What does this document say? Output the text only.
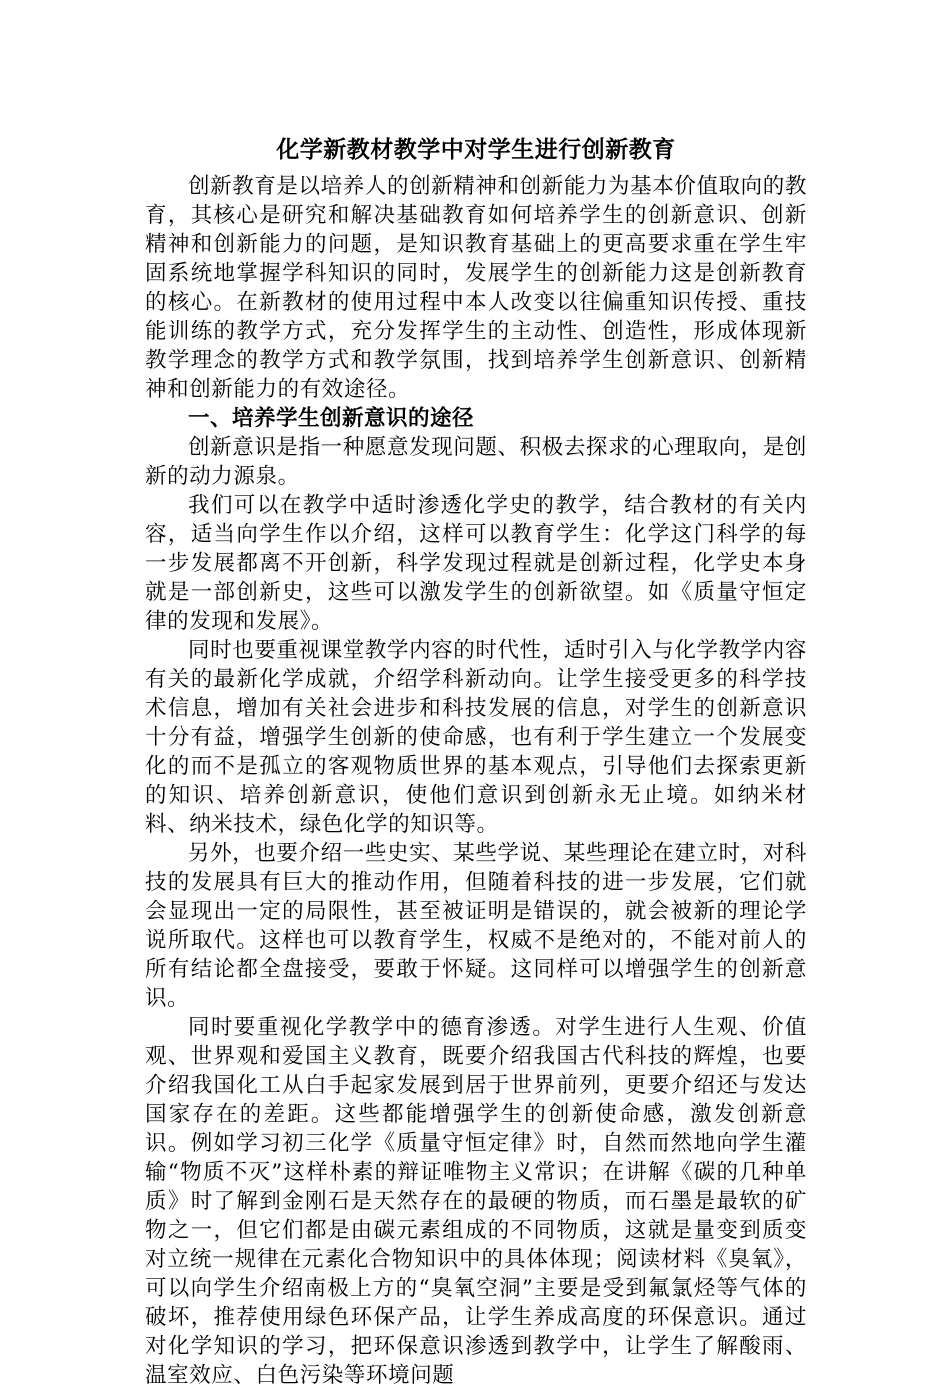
化学新教材教学中对学生进行创新教育

创新教育是以培养人的创新精神和创新能力为基本价值取向的教育，其核心是研究和解决基础教育如何培养学生的创新意识、创新精神和创新能力的问题，是知识教育基础上的更高要求重在学生牢固系统地掌握学科知识的同时，发展学生的创新能力这是创新教育的核心。在新教材的使用过程中本人改变以往偏重知识传授、重技能训练的教学方式，充分发挥学生的主动性、创造性，形成体现新教学理念的教学方式和教学氛围，找到培养学生创新意识、创新精神和创新能力的有效途径。

一、培养学生创新意识的途径

创新意识是指一种愿意发现问题、积极去探求的心理取向，是创新的动力源泉。

我们可以在教学中适时渗透化学史的教学，结合教材的有关内容，适当向学生作以介绍，这样可以教育学生：化学这门科学的每一步发展都离不开创新，科学发现过程就是创新过程，化学史本身就是一部创新史，这些可以激发学生的创新欲望。如《质量守恒定律的发现和发展》。

同时也要重视课堂教学内容的时代性，适时引入与化学教学内容有关的最新化学成就，介绍学科新动向。让学生接受更多的科学技术信息，增加有关社会进步和科技发展的信息，对学生的创新意识十分有益，增强学生创新的使命感，也有利于学生建立一个发展变化的而不是孤立的客观物质世界的基本观点，引导他们去探索更新的知识、培养创新意识，使他们意识到创新永无止境。如纳米材料、纳米技术，绿色化学的知识等。

另外，也要介绍一些史实、某些学说、某些理论在建立时，对科技的发展具有巨大的推动作用，但随着科技的进一步发展，它们就会显现出一定的局限性，甚至被证明是错误的，就会被新的理论学说所取代。这样也可以教育学生，权威不是绝对的，不能对前人的所有结论都全盘接受，要敢于怀疑。这同样可以增强学生的创新意识。

同时要重视化学教学中的德育渗透。对学生进行人生观、价值观、世界观和爱国主义教育，既要介绍我国古代科技的辉煌，也要介绍我国化工从白手起家发展到居于世界前列，更要介绍还与发达国家存在的差距。这些都能增强学生的创新使命感，激发创新意识。例如学习初三化学《质量守恒定律》时，自然而然地向学生灌输“物质不灭”这样朴素的辩证唯物主义常识；在讲解《碳的几种单质》时了解到金刚石是天然存在的最硬的物质，而石墨是最软的矿物之一，但它们都是由碳元素组成的不同物质，这就是量变到质变对立统一规律在元素化合物知识中的具体体现；阅读材料《臭氧》，可以向学生介绍南极上方的“臭氧空洞”主要是受到氟氯烃等气体的破坏，推荐使用绿色环保产品，让学生养成高度的环保意识。通过对化学知识的学习，把环保意识渗透到教学中，让学生了解酸雨、温室效应、白色污染等环境问题
